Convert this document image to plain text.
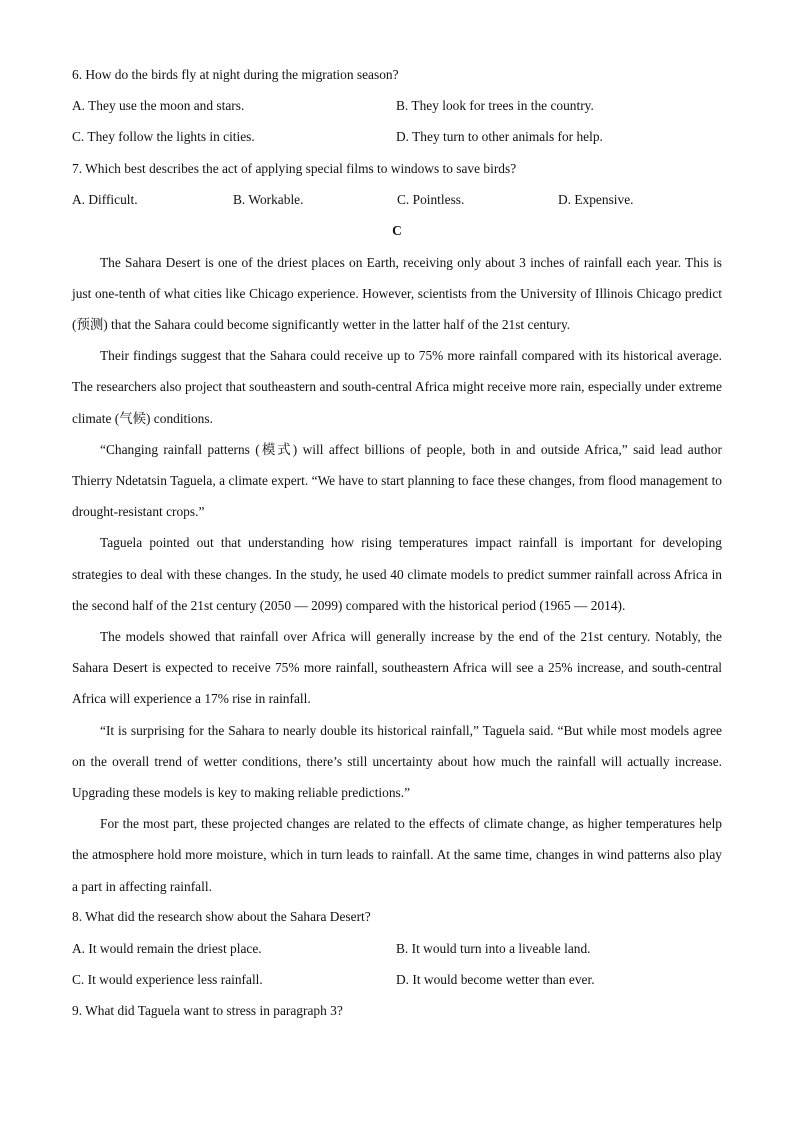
6. How do the birds fly at night during the migration season?
A. They use the moon and stars.	B. They look for trees in the country.
C. They follow the lights in cities.	D. They turn to other animals for help.
7. Which best describes the act of applying special films to windows to save birds?
A. Difficult.	B. Workable.	C. Pointless.	D. Expensive.
C

The Sahara Desert is one of the driest places on Earth, receiving only about 3 inches of rainfall each year. This is just one-tenth of what cities like Chicago experience. However, scientists from the University of Illinois Chicago predict (预测) that the Sahara could become significantly wetter in the latter half of the 21st century.

Their findings suggest that the Sahara could receive up to 75% more rainfall compared with its historical average. The researchers also project that southeastern and south-central Africa might receive more rain, especially under extreme climate (气候) conditions.

“Changing rainfall patterns (模式) will affect billions of people, both in and outside Africa,” said lead author Thierry Ndetatsin Taguela, a climate expert. “We have to start planning to face these changes, from flood management to drought-resistant crops.”

Taguela pointed out that understanding how rising temperatures impact rainfall is important for developing strategies to deal with these changes. In the study, he used 40 climate models to predict summer rainfall across Africa in the second half of the 21st century (2050 — 2099) compared with the historical period (1965 — 2014).

The models showed that rainfall over Africa will generally increase by the end of the 21st century. Notably, the Sahara Desert is expected to receive 75% more rainfall, southeastern Africa will see a 25% increase, and south-central Africa will experience a 17% rise in rainfall.

“It is surprising for the Sahara to nearly double its historical rainfall,” Taguela said. “But while most models agree on the overall trend of wetter conditions, there’s still uncertainty about how much the rainfall will actually increase. Upgrading these models is key to making reliable predictions.”

For the most part, these projected changes are related to the effects of climate change, as higher temperatures help the atmosphere hold more moisture, which in turn leads to rainfall. At the same time, changes in wind patterns also play a part in affecting rainfall.

8. What did the research show about the Sahara Desert?
A. It would remain the driest place.	B. It would turn into a liveable land.
C. It would experience less rainfall.	D. It would become wetter than ever.
9. What did Taguela want to stress in paragraph 3?
